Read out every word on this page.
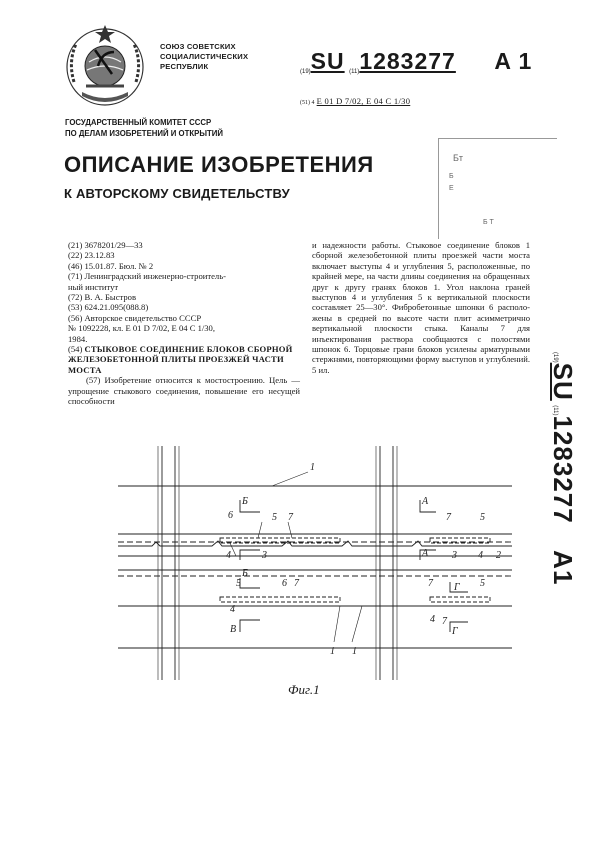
СОЮЗ СОВЕТСКИХ
СОЦИАЛИСТИЧЕСКИХ
РЕСПУБЛИК
(19)SU (11)1283277 A 1
(51) 4 E 01 D 7/02, E 04 C 1/30
ГОСУДАРСТВЕННЫЙ КОМИТЕТ СССР
ПО ДЕЛАМ ИЗОБРЕТЕНИЙ И ОТКРЫТИЙ
ОПИСАНИЕ ИЗОБРЕТЕНИЯ
К АВТОРСКОМУ СВИДЕТЕЛЬСТВУ
Бт
Б
Е
Б Т
(21) 3678201/29—33
(22) 23.12.83
(46) 15.01.87. Бюл. № 2
(71) Ленинградский инженерно-строитель-
ный институт
(72) В. А. Быстров
(53) 624.21.095(088.8)
(56) Авторское свидетельство СССР
№ 1092228, кл. Е 01 D 7/02, Е 04 С 1/30,
1984.
(54) СТЫКОВОЕ СОЕДИНЕНИЕ БЛОКОВ СБОРНОЙ ЖЕЛЕЗОБЕТОННОЙ ПЛИТЫ ПРОЕЗЖЕЙ ЧАСТИ МОСТА
(57) Изобретение относится к мостостроению. Цель — упрощение стыкового соединения, повышение его несущей способности
и надежности работы. Стыковое соединение блоков 1 сборной железобетонной плиты проезжей части моста включает выступы 4 и углубления 5, расположенные, по крайней мере, на части длины соединения на обращенных друг к другу гранях блоков 1. Угол наклона граней выступов 4 и углубления 5 к вертикальной плоскости составляет 25—30°. Фибробетонные шпонки 6 расположены в средней по высоте части плит асимметрично вертикальной плоскости стыка. Каналы 7 для инъектирования раствора сообщаются с полостями шпонок 6. Торцовые грани блоков усилены арматурными стержнями, повторяющими форму выступов и углублений. 5 ил.
(19)SU (11)1283277 A1
1
1 1
2
3	3
4	4
4
4
5	5
5	5
6
6
7	7
7	7
7
Б
Б
А
А
В
Г
Г
Фиг.1
